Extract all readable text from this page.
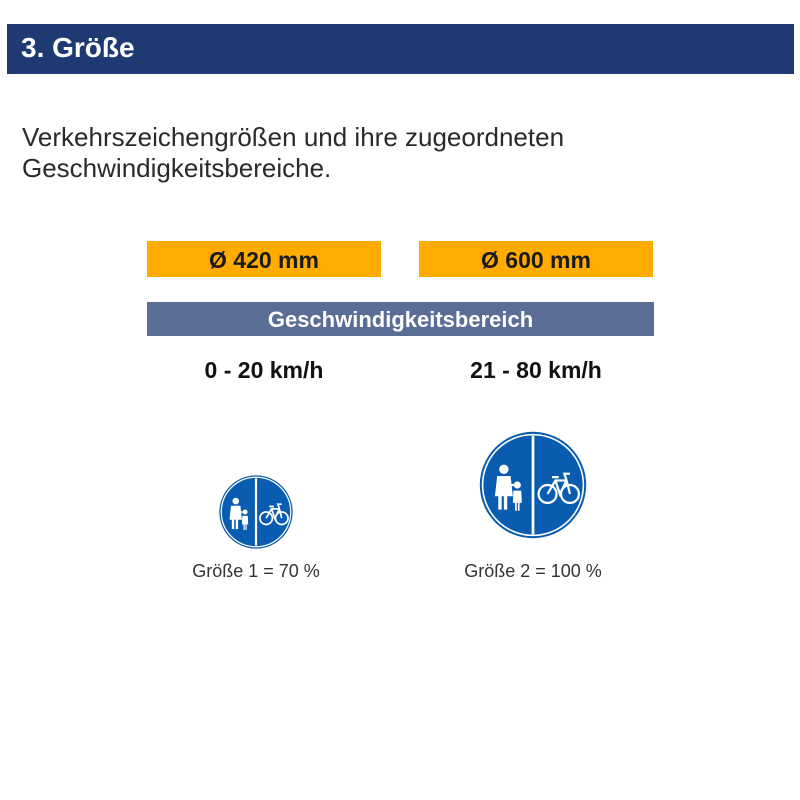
3. Größe
Verkehrszeichengrößen und ihre zugeordneten Geschwindigkeitsbereiche.
Ø 420 mm	Ø 600 mm
Geschwindigkeitsbereich
0 - 20 km/h	21 - 80 km/h
Größe 1 = 70 %	Größe 2 = 100 %
